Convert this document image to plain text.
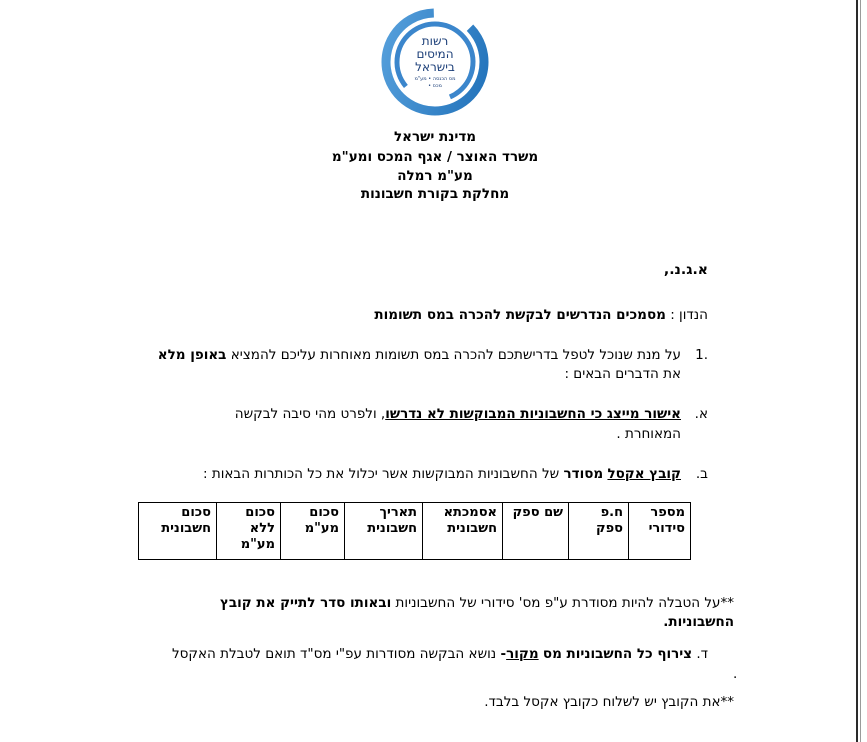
רשות
המיסים
בישראל
מס הכנסה • מע"מ
• מכס
מדינת ישראל
משרד האוצר / אגף המכס ומע"מ
מע"מ רמלה
מחלקת בקורת חשבונות
א.ג.נ.,
הנדון : מסמכים הנדרשים לבקשת להכרה במס תשומות
1.
על מנת שנוכל לטפל בדרישתכם להכרה במס תשומות מאוחרות עליכם להמציא באופן מלא
את הדברים הבאים :
א.
אישור מייצג כי החשבוניות המבוקשות לא נדרשו, ולפרט מהי סיבה לבקשה
המאוחרת .
ב.
קובץ אקסל מסודר של החשבוניות המבוקשות אשר יכלול את כל הכותרות הבאות :
מספר סידורי	ח.פ ספק	שם ספק	אסמכתא חשבונית	תאריך חשבונית	סכום מע"מ	סכום ללא מע"מ	סכום חשבונית
**על הטבלה להיות מסודרת ע"פ מס' סידורי של החשבוניות ובאותו סדר לתייק את קובץ
החשבוניות.
ד. צירוף כל החשבוניות מס מקור- נושא הבקשה מסודרות עפ"י מס"ד תואם לטבלת האקסל
.
**את הקובץ יש לשלוח כקובץ אקסל בלבד.
